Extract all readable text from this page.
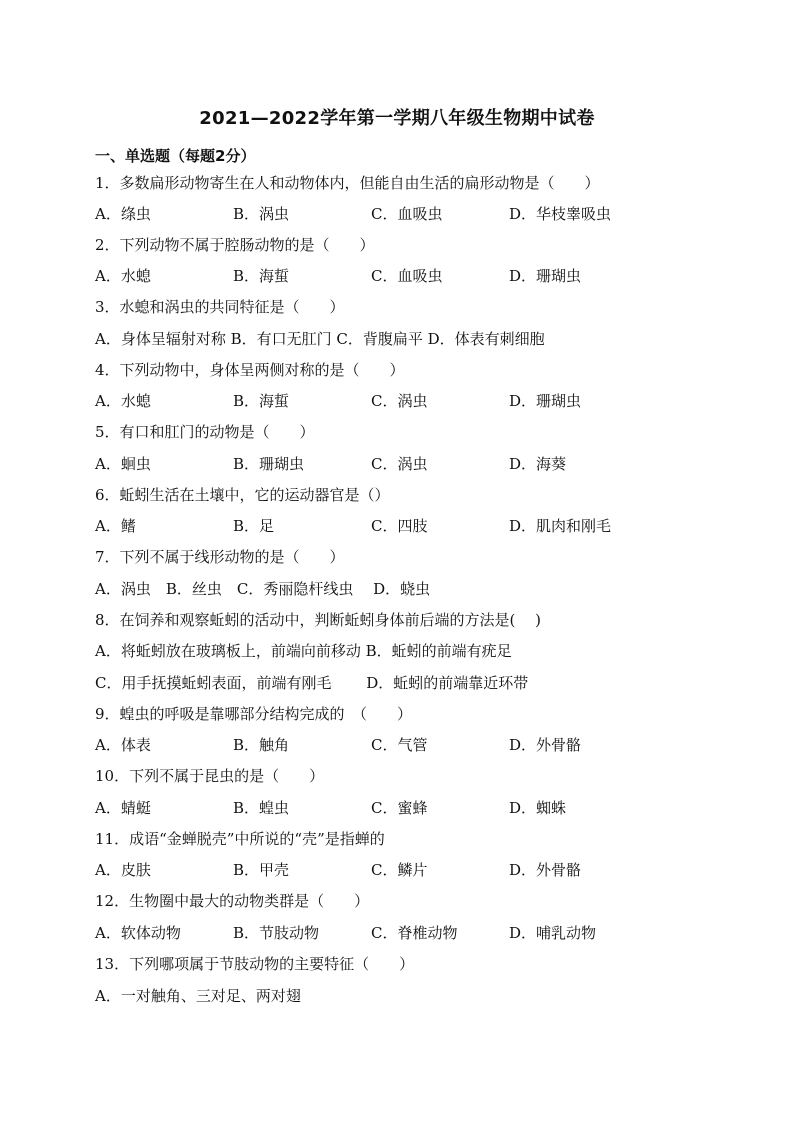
2021—2022学年第一学期八年级生物期中试卷
一、单选题（每题2分）
1．多数扁形动物寄生在人和动物体内，但能自由生活的扁形动物是（　　）
A．绦虫	B．涡虫	C．血吸虫	D．华枝睾吸虫
2．下列动物不属于腔肠动物的是（　　）
A．水螅	B．海蜇	C．血吸虫	D．珊瑚虫
3．水螅和涡虫的共同特征是（　　）
A．身体呈辐射对称 B．有口无肛门 C．背腹扁平 D．体表有刺细胞
4．下列动物中，身体呈两侧对称的是（　　）
A．水螅	B．海蜇	C．涡虫	D．珊瑚虫
5．有口和肛门的动物是（　　）
A．蛔虫	B．珊瑚虫	C．涡虫	D．海葵
6．蚯蚓生活在土壤中，它的运动器官是（）
A．鳍	B．足	C．四肢	D．肌肉和刚毛
7．下列不属于线形动物的是（　　）
A．涡虫　B．丝虫　C．秀丽隐杆线虫　 D．蛲虫
8．在饲养和观察蚯蚓的活动中，判断蚯蚓身体前后端的方法是(　 )
A．将蚯蚓放在玻璃板上，前端向前移动 B．蚯蚓的前端有疣足
C．用手抚摸蚯蚓表面，前端有刚毛　　 D．蚯蚓的前端靠近环带
9．蝗虫的呼吸是靠哪部分结构完成的　（　　）
A．体表	B．触角	C．气管	D．外骨骼
10．下列不属于昆虫的是（　　）
A．蜻蜓	B．蝗虫	C．蜜蜂	D．蜘蛛
11．成语“金蝉脱壳”中所说的“壳”是指蝉的
A．皮肤	B．甲壳	C．鳞片	D．外骨骼
12．生物圈中最大的动物类群是（　　）
A．软体动物	B．节肢动物	C．脊椎动物	D．哺乳动物
13．下列哪项属于节肢动物的主要特征（　　）
A．一对触角、三对足、两对翅
